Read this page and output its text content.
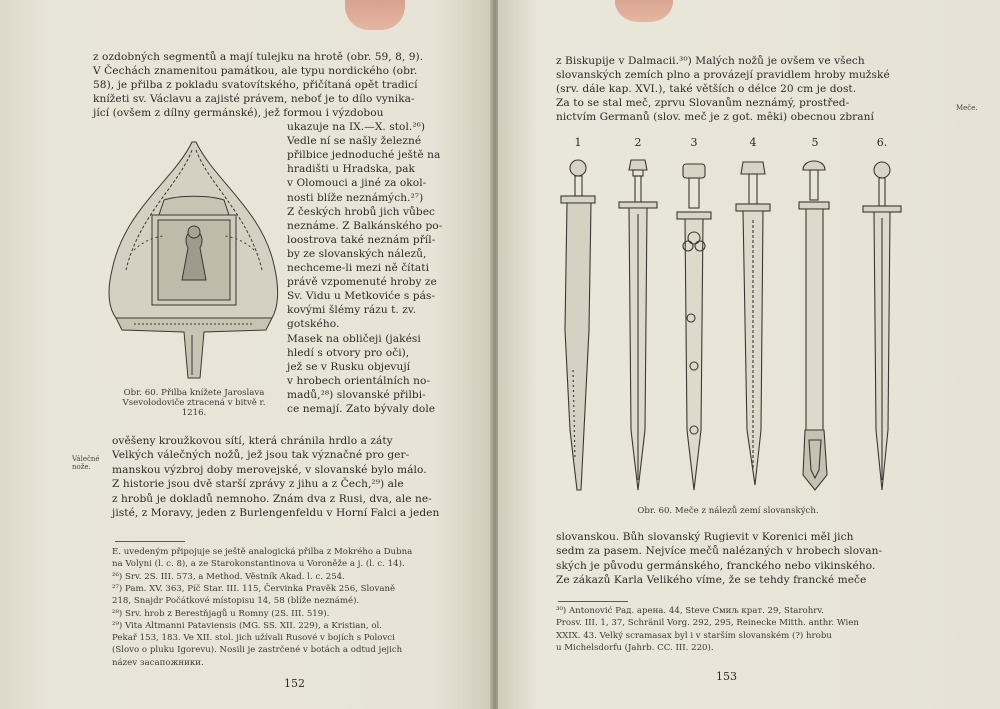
z ozdobných segmentů a mají tulejku na hrotě (obr. 59, 8, 9).
V Čechách znamenitou památkou, ale typu nordického (obr.
58), je přilba z pokladu svatovítského, přičítaná opět tradicí
knížeti sv. Václavu a zajisté právem, neboť je to dílo vynika-
jící (ovšem z dílny germánské), jež formou i výzdobou
ukazuje na IX.—X. stol.²⁶)
Vedle ní se našly železné
přilbice jednoduché ještě na
hradišti u Hradska, pak
v Olomouci a jiné za okol-
nosti blíže neznámých.²⁷)
Z českých hrobů jich vůbec
neznáme. Z Balkánského po-
loostrova také neznám příl-
by ze slovanských nálezů,
nechceme-li mezi ně čítati
právě vzpomenuté hroby ze
Sv. Vidu u Metkoviće s pás-
kovými šlémy rázu t. zv.
gotského.
Masek na obličeji (jakési
hledí s otvory pro oči),
jež se v Rusku objevují
v hrobech orientálních no-
madů,²⁸) slovanské přilbi-
ce nemají. Zato bývaly dole
Obr. 60. Přilba knížete Jaroslava Vsevolodoviče ztracená v bitvě r. 1216.
Válečné nože.
ověšeny kroužkovou sítí, která chránila hrdlo a záty
Velkých válečných nožů, jež jsou tak význačné pro ger-
manskou výzbroj doby merovejské, v slovanské bylo málo.
Z historie jsou dvě starší zprávy z jihu a z Čech,²⁹) ale
z hrobů je dokladů nemnoho. Znám dva z Rusi, dva, ale ne-
jisté, z Moravy, jeden z Burlengenfeldu v Horní Falci a jeden
E. uvedeným připojuje se ještě analogická přilba z Mokrého a Dubna
na Volyni (l. c. 8), a ze Starokonstantinova u Voroněže a j. (l. c. 14).
²⁶) Srv. 2S. III. 573, a Method. Věstník Akad. l. c. 254.
²⁷) Pam. XV. 363, Píč Star. III. 115, Červinka Pravěk 256, Slovaně
218, Snajdr Počátkové místopisu 14, 58 (blíže neznámé).
²⁸) Srv. hrob z Berestňjagů u Romny (2S. III. 519).
²⁹) Vita Altmanni Pataviensis (MG. SS. XII. 229), a Kristian, ol.
Pekař 153, 183. Ve XII. stol. jich užívali Rusové v bojích s Polovci
(Slovo o pluku Igorevu). Nosili je zastrčené v botách a odtud jejich
název засапожники.
152
z Biskupije v Dalmacii.³⁰) Malých nožů je ovšem ve všech
slovanských zemích plno a provázejí pravidlem hroby mužské
(srv. dále kap. XVI.), také větších o délce 20 cm je dost.
Za to se stal meč, zprvu Slovanům neznámý, prostřed-
nictvím Germanů (slov. meč je z got. mêki) obecnou zbraní
Meče.
Obr. 60. Meče z nálezů zemí slovanských.
slovanskou. Bůh slovanský Rugievit v Korenici měl jich
sedm za pasem. Nejvíce mečů nalézaných v hrobech slovan-
ských je původu germánského, franckého nebo vikinského.
Ze zákazů Karla Velikého víme, že se tehdy francké meče
³⁰) Antonović Рад. арена. 44, Steve Смиљ крат. 29, Starohrv.
Prosv. III. 1, 37, Schränil Vorg. 292, 295, Reinecke Mitth. anthr. Wien
XXIX. 43. Velký scramasax byl i v starším slovanském (?) hrobu
u Michelsdorfu (Jahrb. CC. III. 220).
153
1	2	3	4	5	6.
